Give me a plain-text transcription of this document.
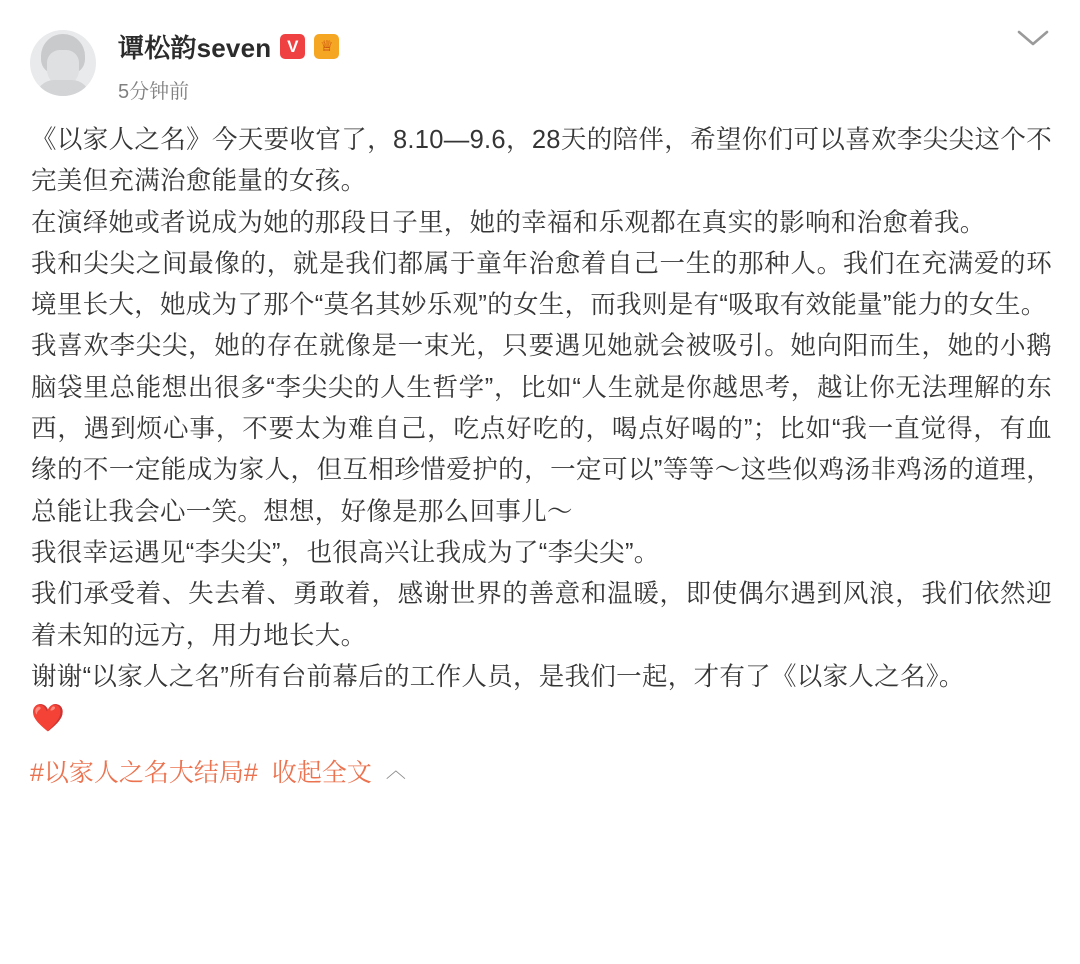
谭松韵seven V	♕
5分钟前

《以家人之名》今天要收官了，8.10—9.6，28天的陪伴，希望你们可以喜欢李尖尖这个不完美但充满治愈能量的女孩。

在演绎她或者说成为她的那段日子里，她的幸福和乐观都在真实的影响和治愈着我。

我和尖尖之间最像的，就是我们都属于童年治愈着自己一生的那种人。我们在充满爱的环境里长大，她成为了那个“莫名其妙乐观”的女生，而我则是有“吸取有效能量”能力的女生。

我喜欢李尖尖，她的存在就像是一束光，只要遇见她就会被吸引。她向阳而生，她的小鹅脑袋里总能想出很多“李尖尖的人生哲学”，比如“人生就是你越思考，越让你无法理解的东西，遇到烦心事，不要太为难自己，吃点好吃的，喝点好喝的”；比如“我一直觉得，有血缘的不一定能成为家人，但互相珍惜爱护的，一定可以”等等～这些似鸡汤非鸡汤的道理，总能让我会心一笑。想想，好像是那么回事儿～

我很幸运遇见“李尖尖”，也很高兴让我成为了“李尖尖”。

我们承受着、失去着、勇敢着，感谢世界的善意和温暖，即使偶尔遇到风浪，我们依然迎着未知的远方，用力地长大。

谢谢“以家人之名”所有台前幕后的工作人员，是我们一起，才有了《以家人之名》。

❤️

#以家人之名大结局# 收起全文 ︿
